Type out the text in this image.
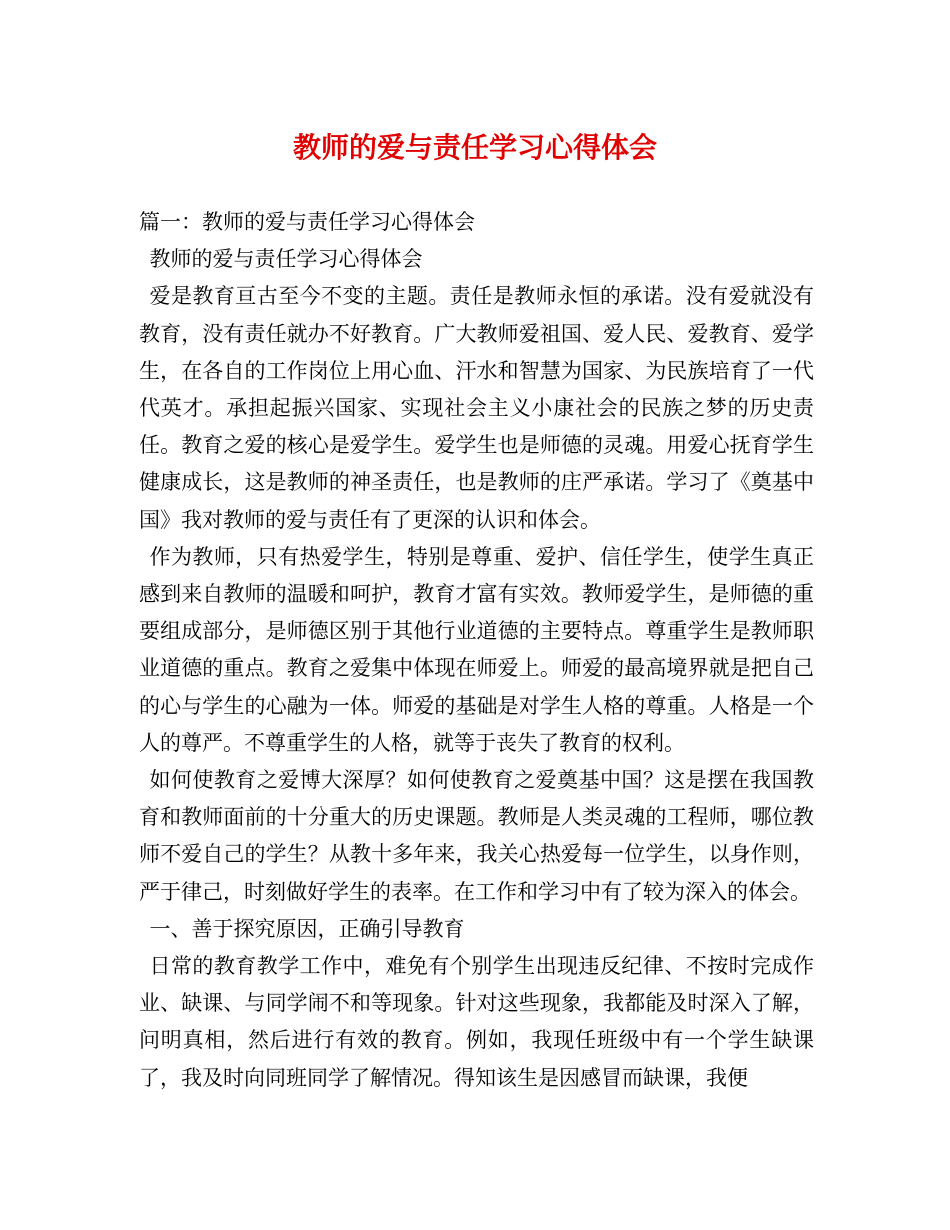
教师的爱与责任学习心得体会

篇一：教师的爱与责任学习心得体会

教师的爱与责任学习心得体会

爱是教育亘古至今不变的主题。责任是教师永恒的承诺。没有爱就没有教育，没有责任就办不好教育。广大教师爱祖国、爱人民、爱教育、爱学生，在各自的工作岗位上用心血、汗水和智慧为国家、为民族培育了一代代英才。承担起振兴国家、实现社会主义小康社会的民族之梦的历史责任。教育之爱的核心是爱学生。爱学生也是师德的灵魂。用爱心抚育学生健康成长，这是教师的神圣责任，也是教师的庄严承诺。学习了《奠基中国》我对教师的爱与责任有了更深的认识和体会。

作为教师，只有热爱学生，特别是尊重、爱护、信任学生，使学生真正感到来自教师的温暖和呵护，教育才富有实效。教师爱学生，是师德的重要组成部分，是师德区别于其他行业道德的主要特点。尊重学生是教师职业道德的重点。教育之爱集中体现在师爱上。师爱的最高境界就是把自己的心与学生的心融为一体。师爱的基础是对学生人格的尊重。人格是一个人的尊严。不尊重学生的人格，就等于丧失了教育的权利。

如何使教育之爱博大深厚？如何使教育之爱奠基中国？这是摆在我国教育和教师面前的十分重大的历史课题。教师是人类灵魂的工程师，哪位教师不爱自己的学生？从教十多年来，我关心热爱每一位学生，以身作则，严于律己，时刻做好学生的表率。在工作和学习中有了较为深入的体会。

一、善于探究原因，正确引导教育

日常的教育教学工作中，难免有个别学生出现违反纪律、不按时完成作业、缺课、与同学闹不和等现象。针对这些现象，我都能及时深入了解，问明真相，然后进行有效的教育。例如，我现任班级中有一个学生缺课了，我及时向同班同学了解情况。得知该生是因感冒而缺课，我便
